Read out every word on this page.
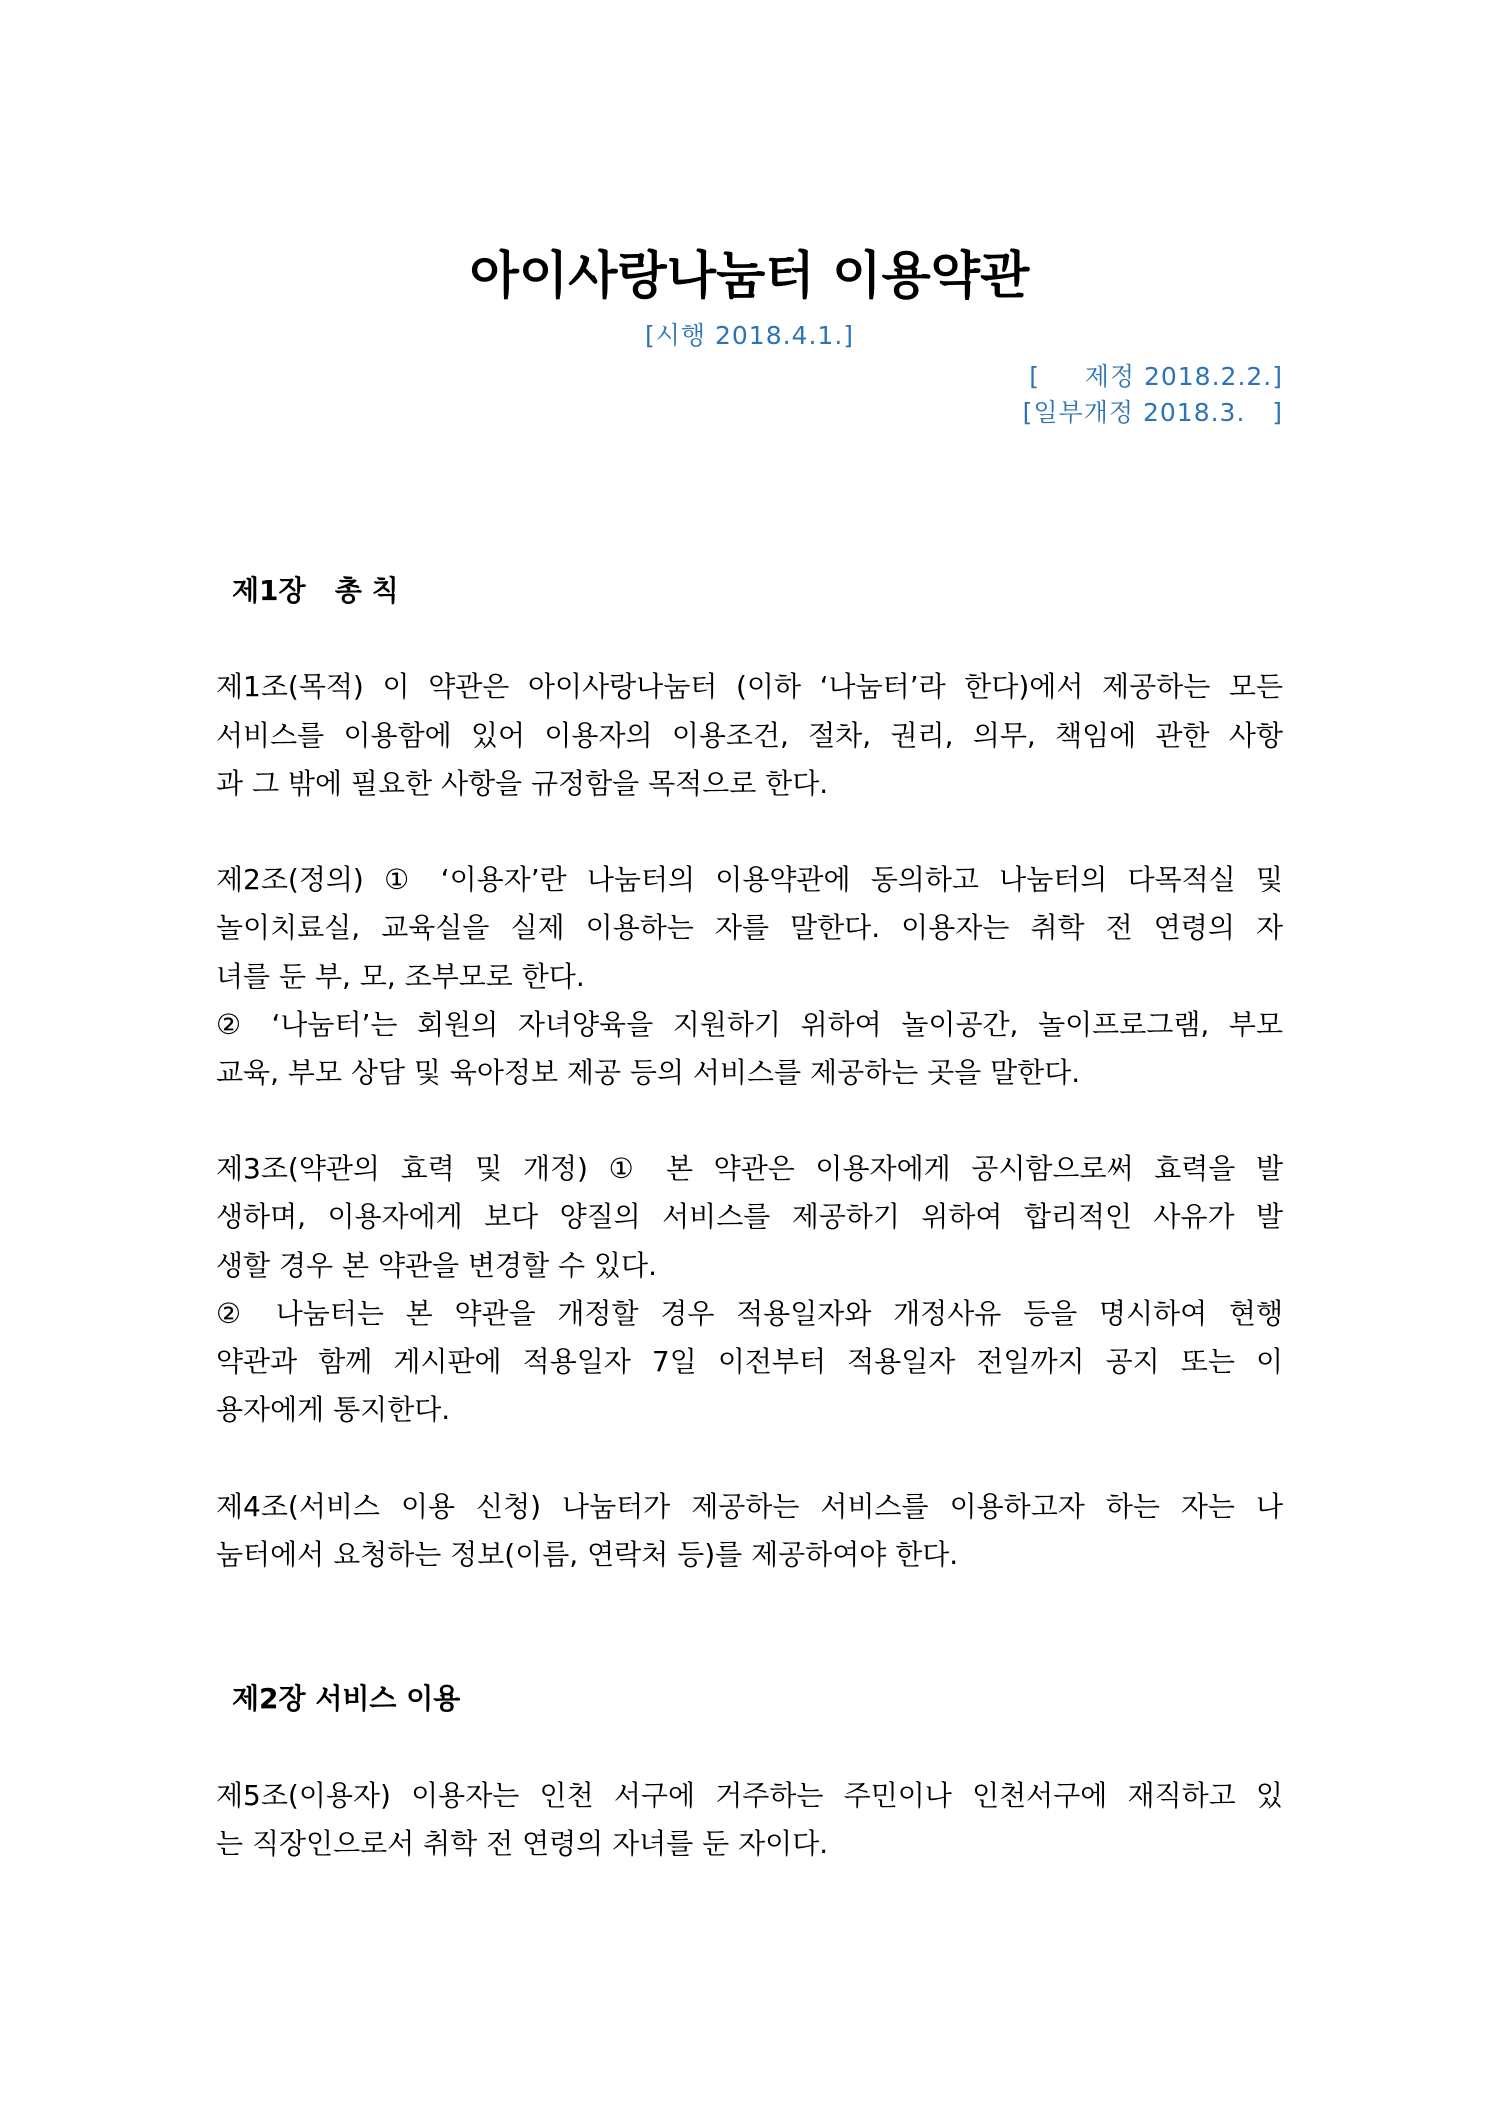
아이사랑나눔터 이용약관
[시행 2018.4.1.]
[     제정 2018.2.2.]
[일부개정 2018.3.   ]
제1장   총 칙
제1조(목적) 이 약관은 아이사랑나눔터 (이하 ‘나눔터’라 한다)에서 제공하는 모든
서비스를 이용함에 있어 이용자의 이용조건, 절차, 권리, 의무, 책임에 관한 사항
과 그 밖에 필요한 사항을 규정함을 목적으로 한다.
제2조(정의) ① ‘이용자’란 나눔터의 이용약관에 동의하고 나눔터의 다목적실 및
놀이치료실, 교육실을 실제 이용하는 자를 말한다. 이용자는 취학 전 연령의 자
녀를 둔 부, 모, 조부모로 한다.
② ‘나눔터’는 회원의 자녀양육을 지원하기 위하여 놀이공간, 놀이프로그램, 부모
교육, 부모 상담 및 육아정보 제공 등의 서비스를 제공하는 곳을 말한다.
제3조(약관의 효력 및 개정) ① 본 약관은 이용자에게 공시함으로써 효력을 발
생하며, 이용자에게 보다 양질의 서비스를 제공하기 위하여 합리적인 사유가 발
생할 경우 본 약관을 변경할 수 있다.
② 나눔터는 본 약관을 개정할 경우 적용일자와 개정사유 등을 명시하여 현행
약관과 함께 게시판에 적용일자 7일 이전부터 적용일자 전일까지 공지 또는 이
용자에게 통지한다.
제4조(서비스 이용 신청) 나눔터가 제공하는 서비스를 이용하고자 하는 자는 나
눔터에서 요청하는 정보(이름, 연락처 등)를 제공하여야 한다.
제2장 서비스 이용
제5조(이용자) 이용자는 인천 서구에 거주하는 주민이나 인천서구에 재직하고 있
는 직장인으로서 취학 전 연령의 자녀를 둔 자이다.
